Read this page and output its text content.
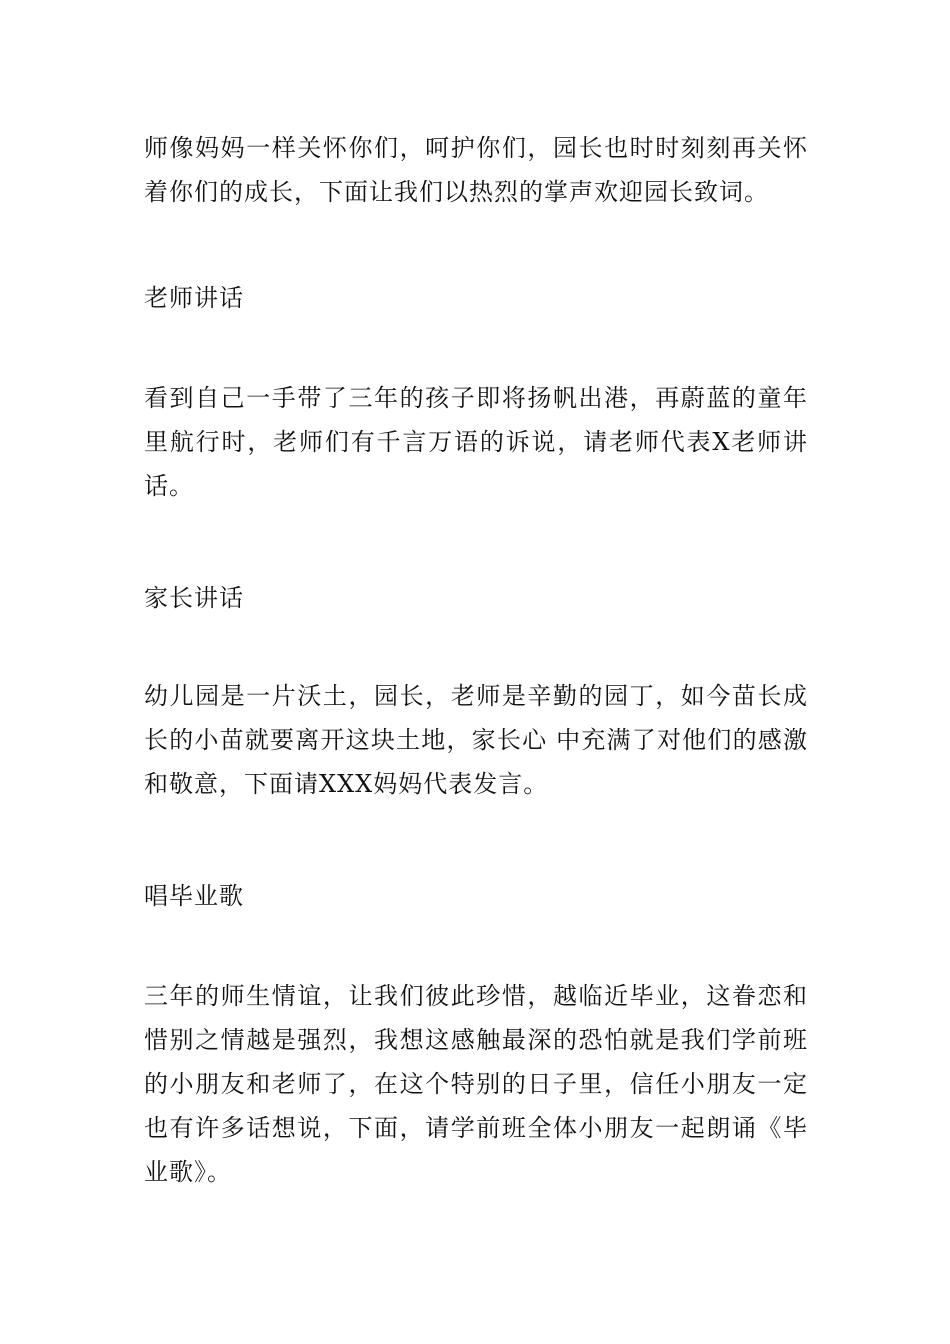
师像妈妈一样关怀你们，呵护你们，园长也时时刻刻再关怀着你们的成长，下面让我们以热烈的掌声欢迎园长致词。

老师讲话

看到自己一手带了三年的孩子即将扬帆出港，再蔚蓝的童年里航行时，老师们有千言万语的诉说，请老师代表X老师讲话。

家长讲话

幼儿园是一片沃土，园长，老师是辛勤的园丁，如今苗长成长的小苗就要离开这块土地，家长心 中充满了对他们的感激和敬意，下面请XXX妈妈代表发言。

唱毕业歌

三年的师生情谊，让我们彼此珍惜，越临近毕业，这眷恋和惜别之情越是强烈，我想这感触最深的恐怕就是我们学前班的小朋友和老师了，在这个特别的日子里，信任小朋友一定也有许多话想说，下面，请学前班全体小朋友一起朗诵《毕业歌》。
